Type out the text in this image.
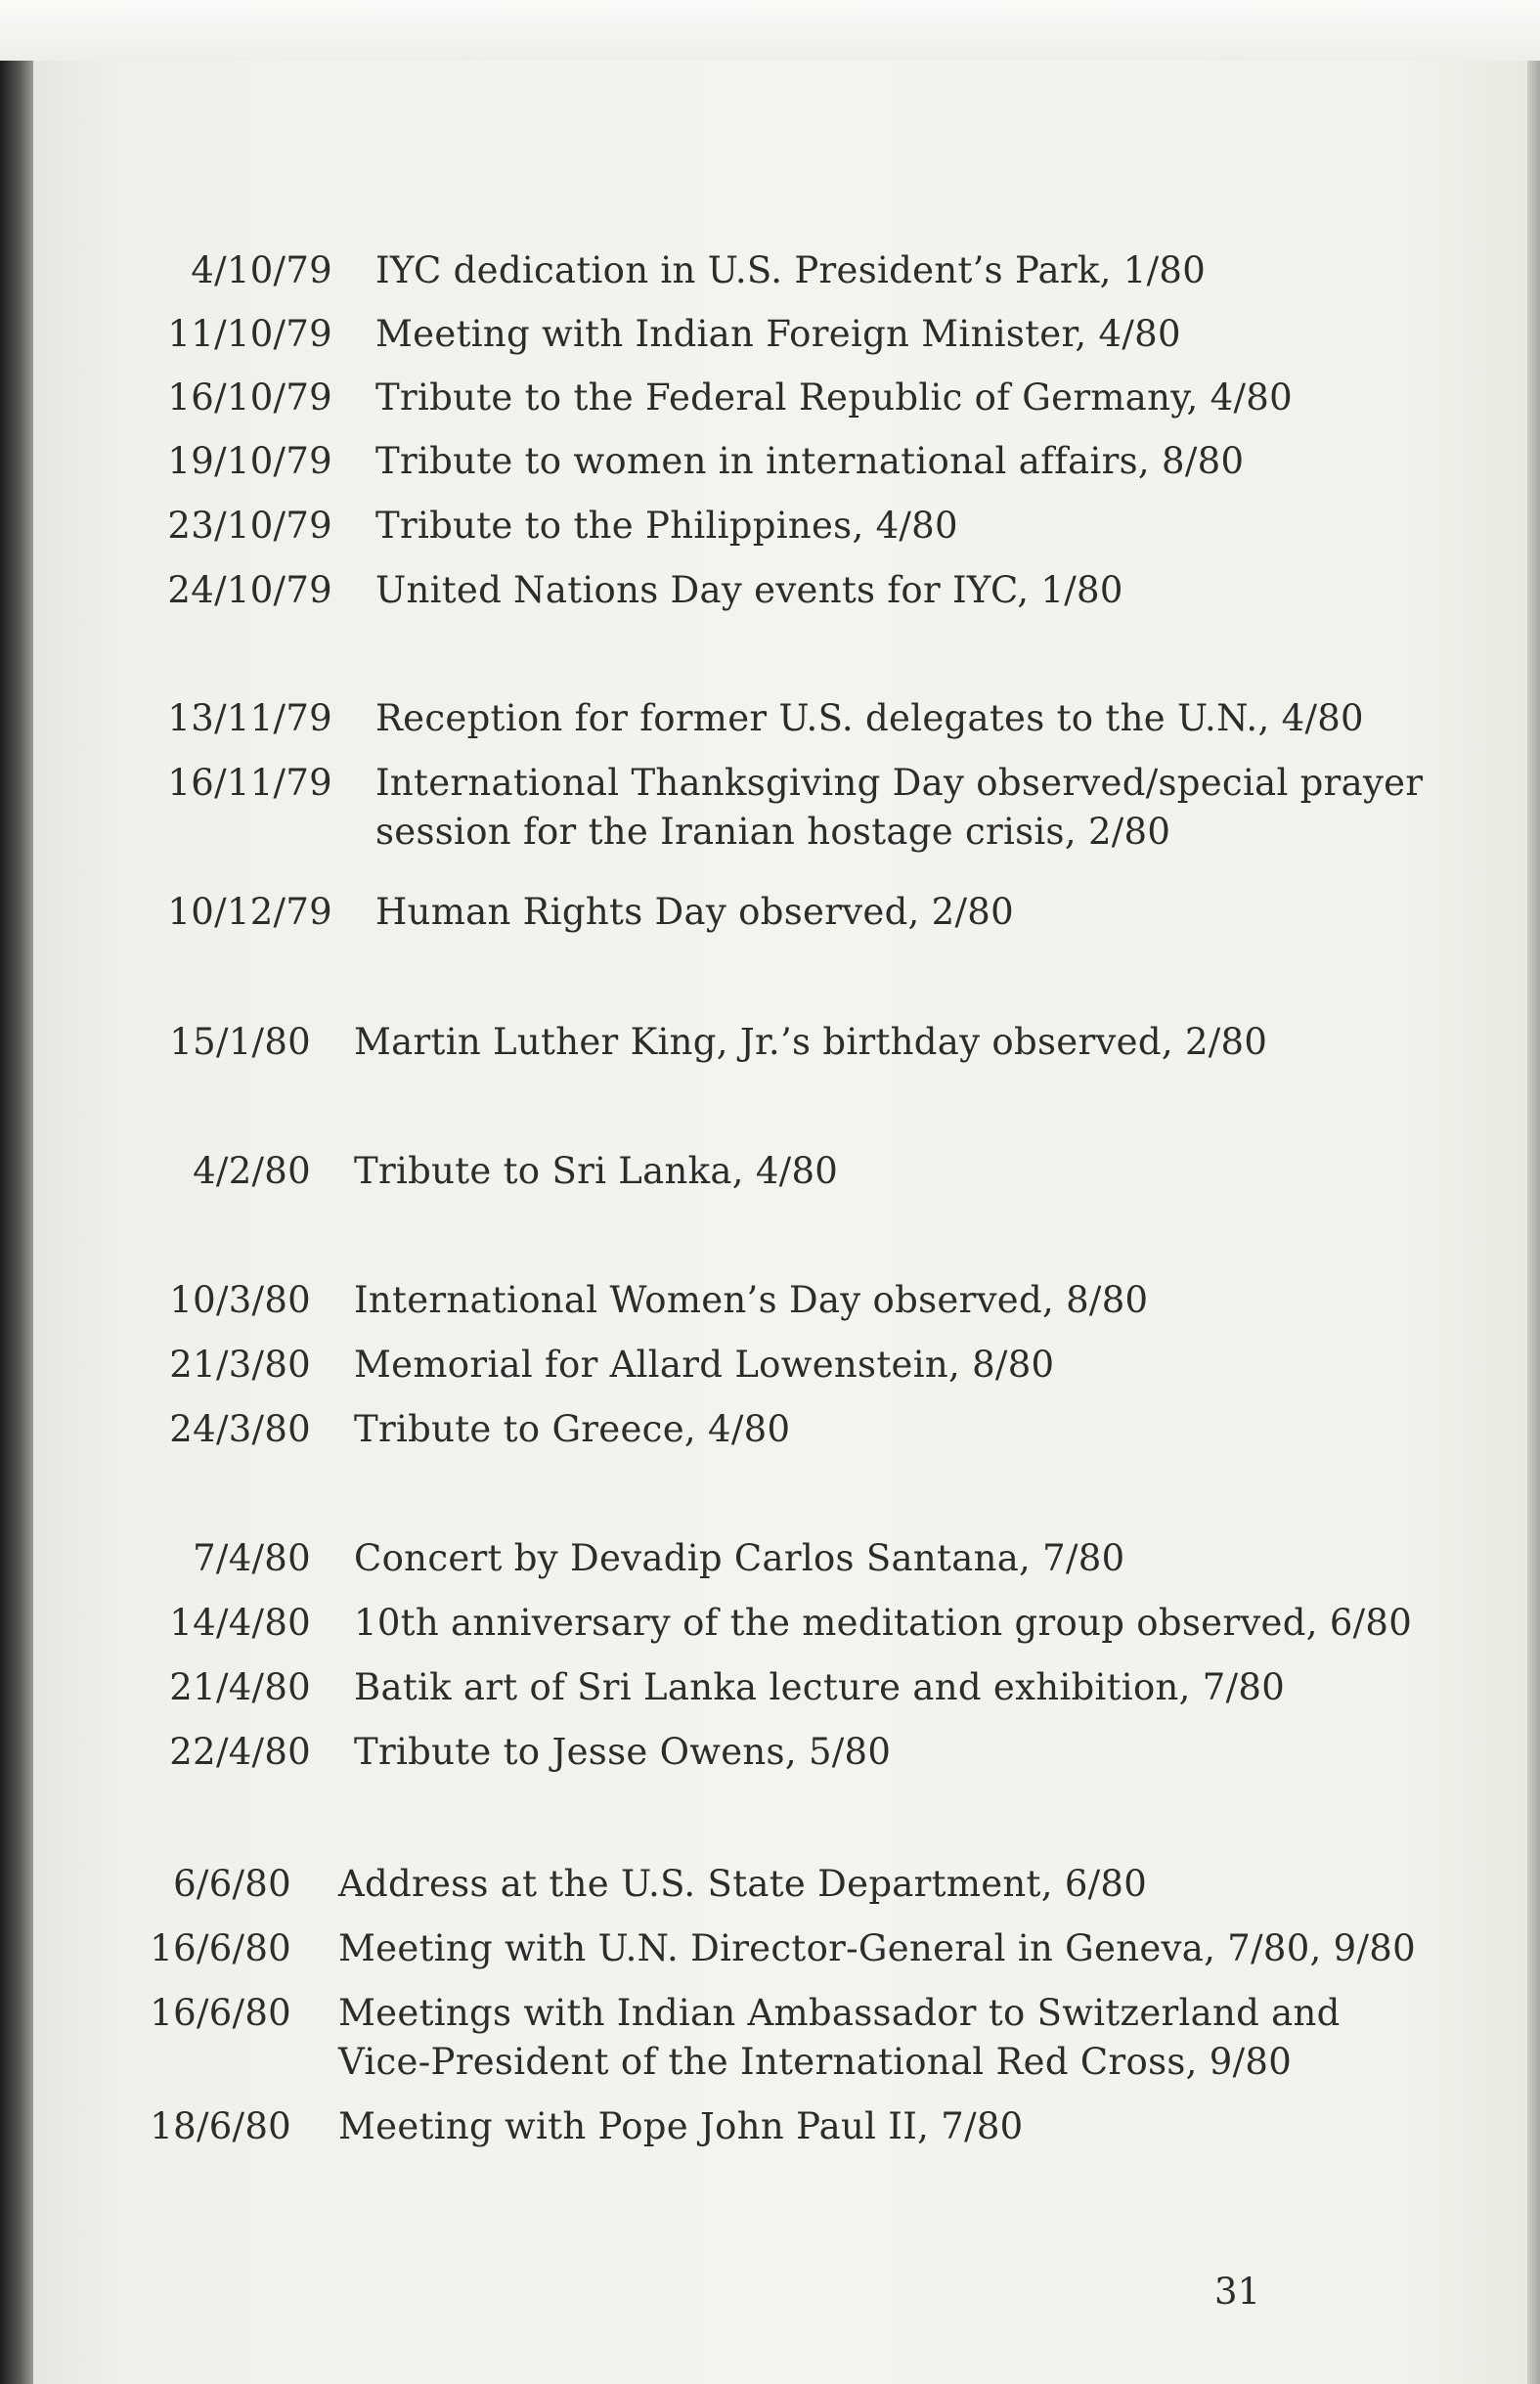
4/10/79 IYC dedication in U.S. President’s Park, 1/80
11/10/79 Meeting with Indian Foreign Minister, 4/80
16/10/79 Tribute to the Federal Republic of Germany, 4/80
19/10/79 Tribute to women in international affairs, 8/80
23/10/79 Tribute to the Philippines, 4/80
24/10/79 United Nations Day events for IYC, 1/80
13/11/79 Reception for former U.S. delegates to the U.N., 4/80
16/11/79 International Thanksgiving Day observed/special prayer session for the Iranian hostage crisis, 2/80
10/12/79 Human Rights Day observed, 2/80
15/1/80 Martin Luther King, Jr.’s birthday observed, 2/80
4/2/80 Tribute to Sri Lanka, 4/80
10/3/80 International Women’s Day observed, 8/80
21/3/80 Memorial for Allard Lowenstein, 8/80
24/3/80 Tribute to Greece, 4/80
7/4/80 Concert by Devadip Carlos Santana, 7/80
14/4/80 10th anniversary of the meditation group observed, 6/80
21/4/80 Batik art of Sri Lanka lecture and exhibition, 7/80
22/4/80 Tribute to Jesse Owens, 5/80
6/6/80 Address at the U.S. State Department, 6/80
16/6/80 Meeting with U.N. Director-General in Geneva, 7/80, 9/80
16/6/80 Meetings with Indian Ambassador to Switzerland and Vice-President of the International Red Cross, 9/80
18/6/80 Meeting with Pope John Paul II, 7/80
31
